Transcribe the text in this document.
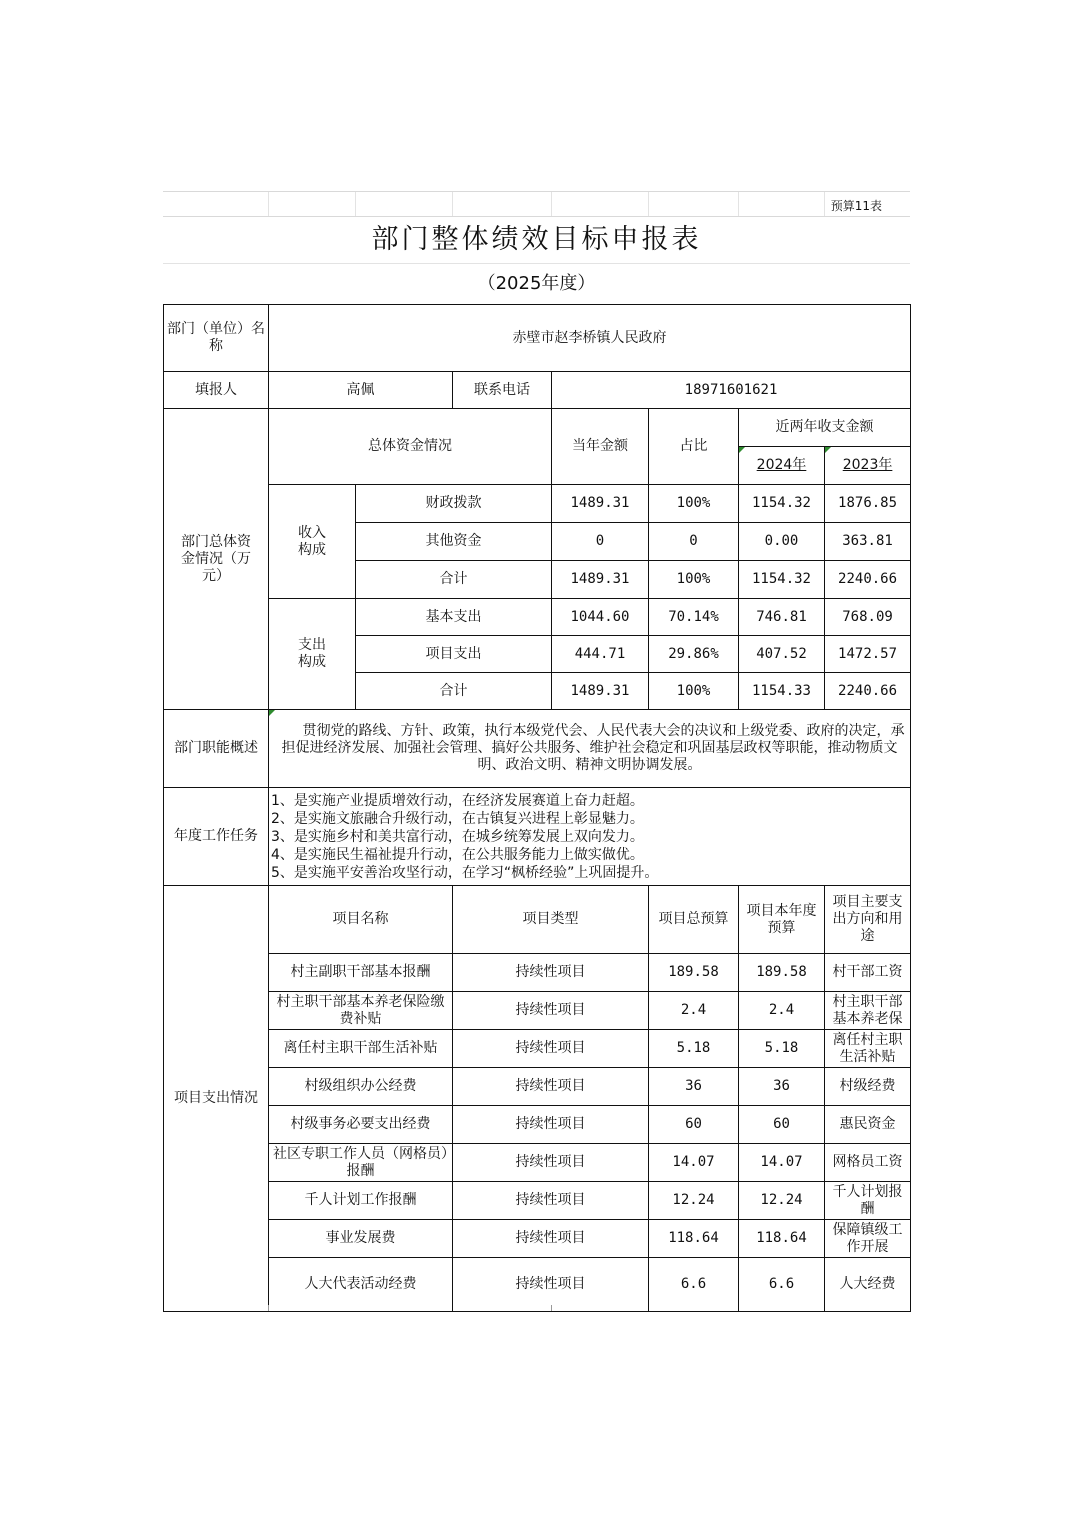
预算11表
部门整体绩效目标申报表
（2025年度）
部门（单位）名称	赤壁市赵李桥镇人民政府						
填报人	高佩		联系电话	18971601621			
部门总体资金情况（万元）	总体资金情况			当年金额	占比	近两年收支金额	
						2024年	2023年
	收入构成	财政拨款		1489.31	100%	1154.32	1876.85
		其他资金		0	0	0.00	363.81
		合计		1489.31	100%	1154.32	2240.66
	支出构成	基本支出		1044.60	70.14%	746.81	768.09
		项目支出		444.71	29.86%	407.52	1472.57
		合计		1489.31	100%	1154.33	2240.66
部门职能概述	贯彻党的路线、方针、政策，执行本级党代会、人民代表大会的决议和上级党委、政府的决定，承担促进经济发展、加强社会管理、搞好公共服务、维护社会稳定和巩固基层政权等职能，推动物质文明、政治文明、精神文明协调发展。						
年度工作任务	1、是实施产业提质增效行动，在经济发展赛道上奋力赶超。
2、是实施文旅融合升级行动，在古镇复兴进程上彰显魅力。
3、是实施乡村和美共富行动，在城乡统筹发展上双向发力。
4、是实施民生福祉提升行动，在公共服务能力上做实做优。
5、是实施平安善治攻坚行动，在学习“枫桥经验”上巩固提升。						

项目支出情况	项目名称		项目类型		项目总预算	项目本年度预算	项目主要支出方向和用途
	村主副职干部基本报酬		持续性项目		189.58	189.58	村干部工资
	村主职干部基本养老保险缴费补贴		持续性项目		2.4	2.4	村主职干部基本养老保
	离任村主职干部生活补贴		持续性项目		5.18	5.18	离任村主职生活补贴
	村级组织办公经费		持续性项目		36	36	村级经费
	村级事务必要支出经费		持续性项目		60	60	惠民资金
	社区专职工作人员（网格员）报酬		持续性项目		14.07	14.07	网格员工资
	千人计划工作报酬		持续性项目		12.24	12.24	千人计划报酬
	事业发展费		持续性项目		118.64	118.64	保障镇级工作开展
	人大代表活动经费		持续性项目		6.6	6.6	人大经费
